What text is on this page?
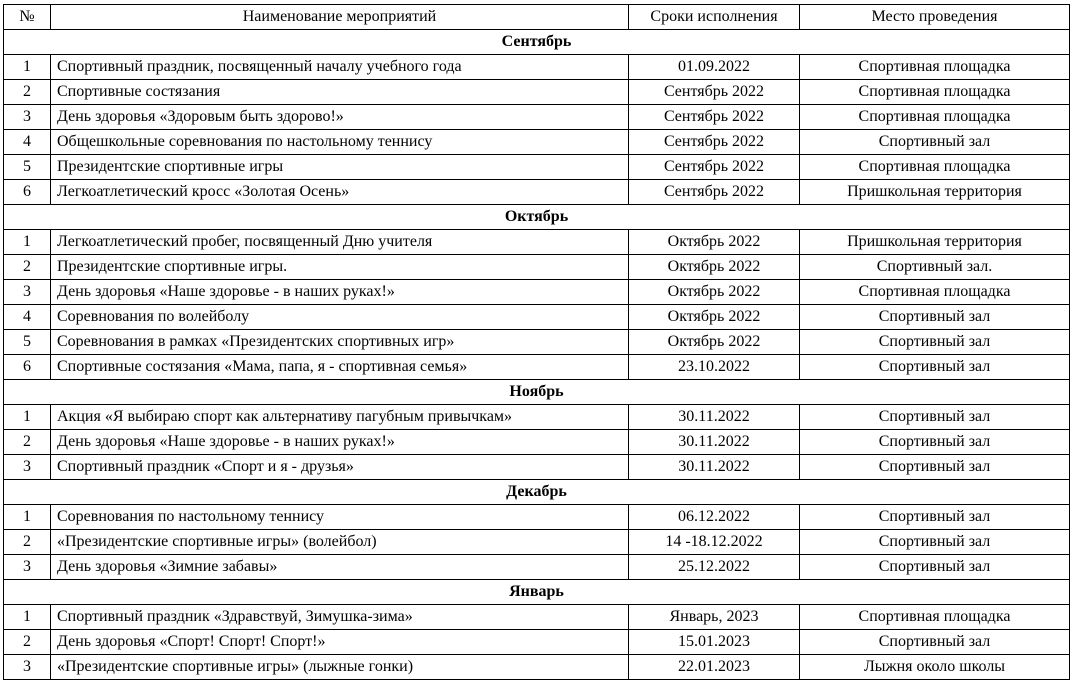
№	Наименование мероприятий	Сроки исполнения	Место проведения
Сентябрь			
1	Спортивный праздник, посвященный началу учебного года	01.09.2022	Спортивная площадка
2	Спортивные состязания	Сентябрь 2022	Спортивная площадка
3	День здоровья «Здоровым быть здорово!»	Сентябрь 2022	Спортивная площадка
4	Общешкольные соревнования по настольному теннису	Сентябрь 2022	Спортивный зал
5	Президентские спортивные игры	Сентябрь 2022	Спортивная площадка
6	Легкоатлетический кросс «Золотая Осень»	Сентябрь 2022	Пришкольная территория
Октябрь			
1	Легкоатлетический пробег, посвященный Дню учителя	Октябрь 2022	Пришкольная территория
2	Президентские спортивные игры.	Октябрь 2022	Спортивный зал.
3	День здоровья «Наше здоровье - в наших руках!»	Октябрь 2022	Спортивная площадка
4	Соревнования по волейболу	Октябрь 2022	Спортивный зал
5	Соревнования в рамках «Президентских спортивных игр»	Октябрь 2022	Спортивный зал
6	Спортивные состязания «Мама, папа, я - спортивная семья»	23.10.2022	Спортивный зал
Ноябрь			
1	Акция «Я выбираю спорт как альтернативу пагубным привычкам»	30.11.2022	Спортивный зал
2	День здоровья «Наше здоровье - в наших руках!»	30.11.2022	Спортивный зал
3	Спортивный праздник «Спорт и я - друзья»	30.11.2022	Спортивный зал
Декабрь			
1	Соревнования по настольному теннису	06.12.2022	Спортивный зал
2	«Президентские спортивные игры» (волейбол)	14 -18.12.2022	Спортивный зал
3	День здоровья «Зимние забавы»	25.12.2022	Спортивный зал
Январь			
1	Спортивный праздник «Здравствуй, Зимушка-зима»	Январь, 2023	Спортивная площадка
2	День здоровья «Спорт! Спорт! Спорт!»	15.01.2023	Спортивный зал
3	«Президентские спортивные игры» (лыжные гонки)	22.01.2023	Лыжня около школы
